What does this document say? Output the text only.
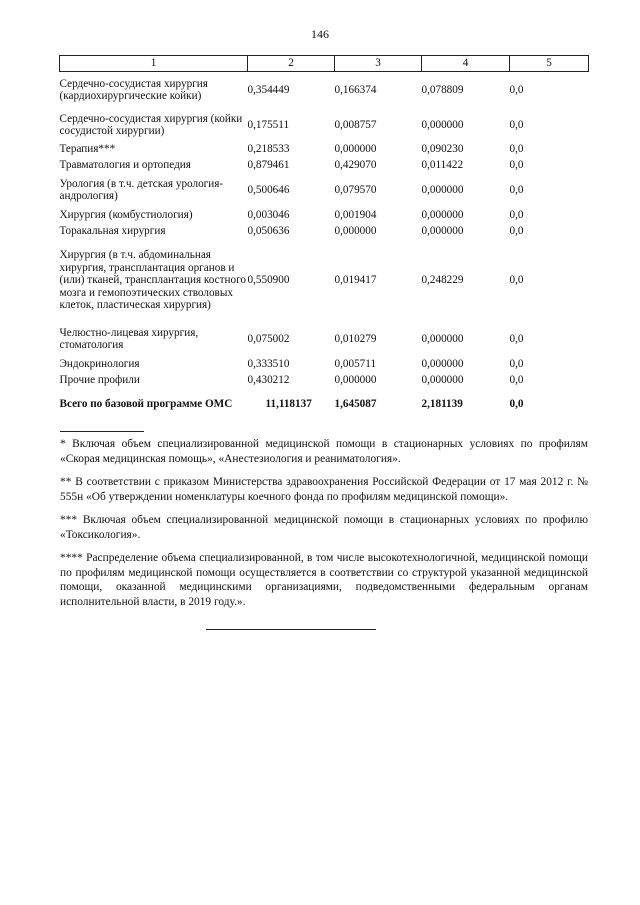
146
1	2	3	4	5
Сердечно-сосудистая хирургия (кардиохирургические койки)	0,354449	0,166374	0,078809	0,0
Сердечно-сосудистая хирургия (койки сосудистой хирургии)	0,175511	0,008757	0,000000	0,0
Терапия***	0,218533	0,000000	0,090230	0,0
Травматология и ортопедия	0,879461	0,429070	0,011422	0,0
Урология (в т.ч. детская урология-андрология)	0,500646	0,079570	0,000000	0,0
Хирургия (комбустиология)	0,003046	0,001904	0,000000	0,0
Торакальная хирургия	0,050636	0,000000	0,000000	0,0
Хирургия (в т.ч. абдоминальная хирургия, трансплантация органов и (или) тканей, трансплантация костного мозга и гемопоэтических стволовых клеток, пластическая хирургия)	0,550900	0,019417	0,248229	0,0
Челюстно-лицевая хирургия, стоматология	0,075002	0,010279	0,000000	0,0
Эндокринология	0,333510	0,005711	0,000000	0,0
Прочие профили	0,430212	0,000000	0,000000	0,0
Всего по базовой программе ОМС	11,118137	1,645087	2,181139	0,0

* Включая объем специализированной медицинской помощи в стационарных условиях по профилям «Скорая медицинская помощь», «Анестезиология и реаниматология».

** В соответствии с приказом Министерства здравоохранения Российской Федерации от 17 мая 2012 г. № 555н «Об утверждении номенклатуры коечного фонда по профилям медицинской помощи».

*** Включая объем специализированной медицинской помощи в стационарных условиях по профилю «Токсикология».

**** Распределение объема специализированной, в том числе высокотехнологичной, медицинской помощи по профилям медицинской помощи осуществляется в соответствии со структурой указанной медицинской помощи, оказанной медицинскими организациями, подведомственными федеральным органам исполнительной власти, в 2019 году.».
